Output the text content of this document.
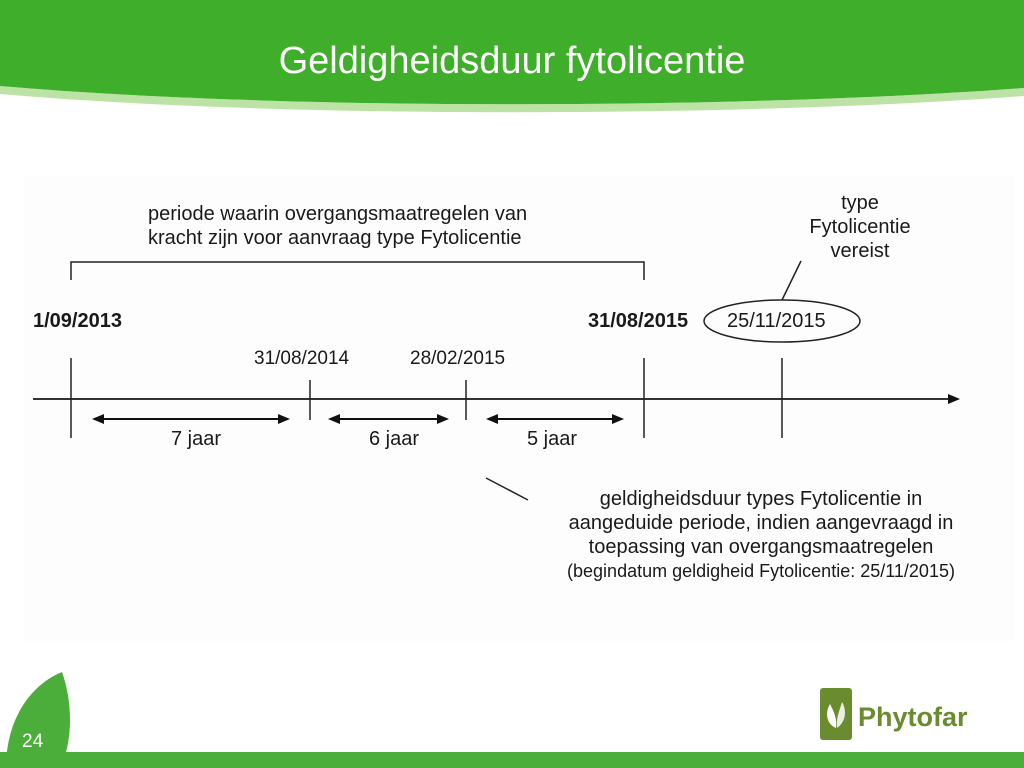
Geldigheidsduur fytolicentie
periode waarin overgangsmaatregelen van
kracht zijn voor aanvraag type Fytolicentie
type
Fytolicentie
vereist
1/09/2013	31/08/2015 25/11/2015
31/08/2014	28/02/2015
7 jaar	6 jaar	5 jaar
geldigheidsduur types Fytolicentie in
aangeduide periode, indien aangevraagd in
toepassing van overgangsmaatregelen
(begindatum geldigheid Fytolicentie: 25/11/2015)
24
Phytofar
